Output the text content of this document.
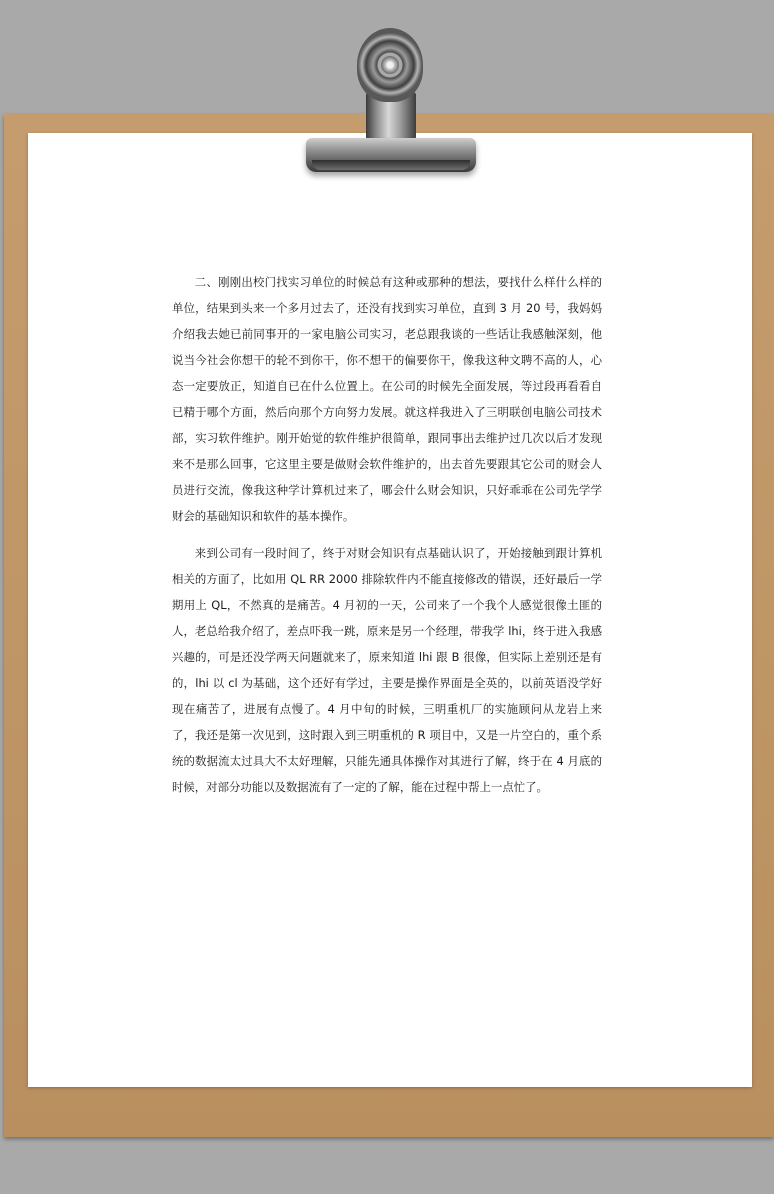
二、刚刚出校门找实习单位的时候总有这种或那种的想法，要找什么样什么样的单位，结果到头来一个多月过去了，还没有找到实习单位，直到 3 月 20 号，我妈妈介绍我去她已前同事开的一家电脑公司实习，老总跟我谈的一些话让我感触深刻，他说当今社会你想干的轮不到你干，你不想干的偏要你干，像我这种文聘不高的人，心态一定要放正，知道自已在什么位置上。在公司的时候先全面发展，等过段再看看自已精于哪个方面，然后向那个方向努力发展。就这样我进入了三明联创电脑公司技术部，实习软件维护。刚开始觉的软件维护很简单，跟同事出去维护过几次以后才发现来不是那么回事，它这里主要是做财会软件维护的，出去首先要跟其它公司的财会人员进行交流，像我这种学计算机过来了，哪会什么财会知识，只好乖乖在公司先学学财会的基础知识和软件的基本操作。

来到公司有一段时间了，终于对财会知识有点基础认识了，开始接触到跟计算机相关的方面了，比如用 QL RR 2000 排除软件内不能直接修改的错误，还好最后一学期用上 QL，不然真的是痛苦。4 月初的一天，公司来了一个我个人感觉很像土匪的人，老总给我介绍了，差点吓我一跳，原来是另一个经理，带我学 lhi，终于进入我感兴趣的，可是还没学两天问题就来了，原来知道 lhi 跟 B 很像，但实际上差别还是有的，lhi 以 cl 为基础，这个还好有学过，主要是操作界面是全英的，以前英语没学好现在痛苦了，进展有点慢了。4 月中旬的时候，三明重机厂的实施顾问从龙岩上来了，我还是第一次见到，这时跟入到三明重机的 R 项目中，又是一片空白的，重个系统的数据流太过具大不太好理解，只能先通具体操作对其进行了解，终于在 4 月底的时候，对部分功能以及数据流有了一定的了解，能在过程中帮上一点忙了。
